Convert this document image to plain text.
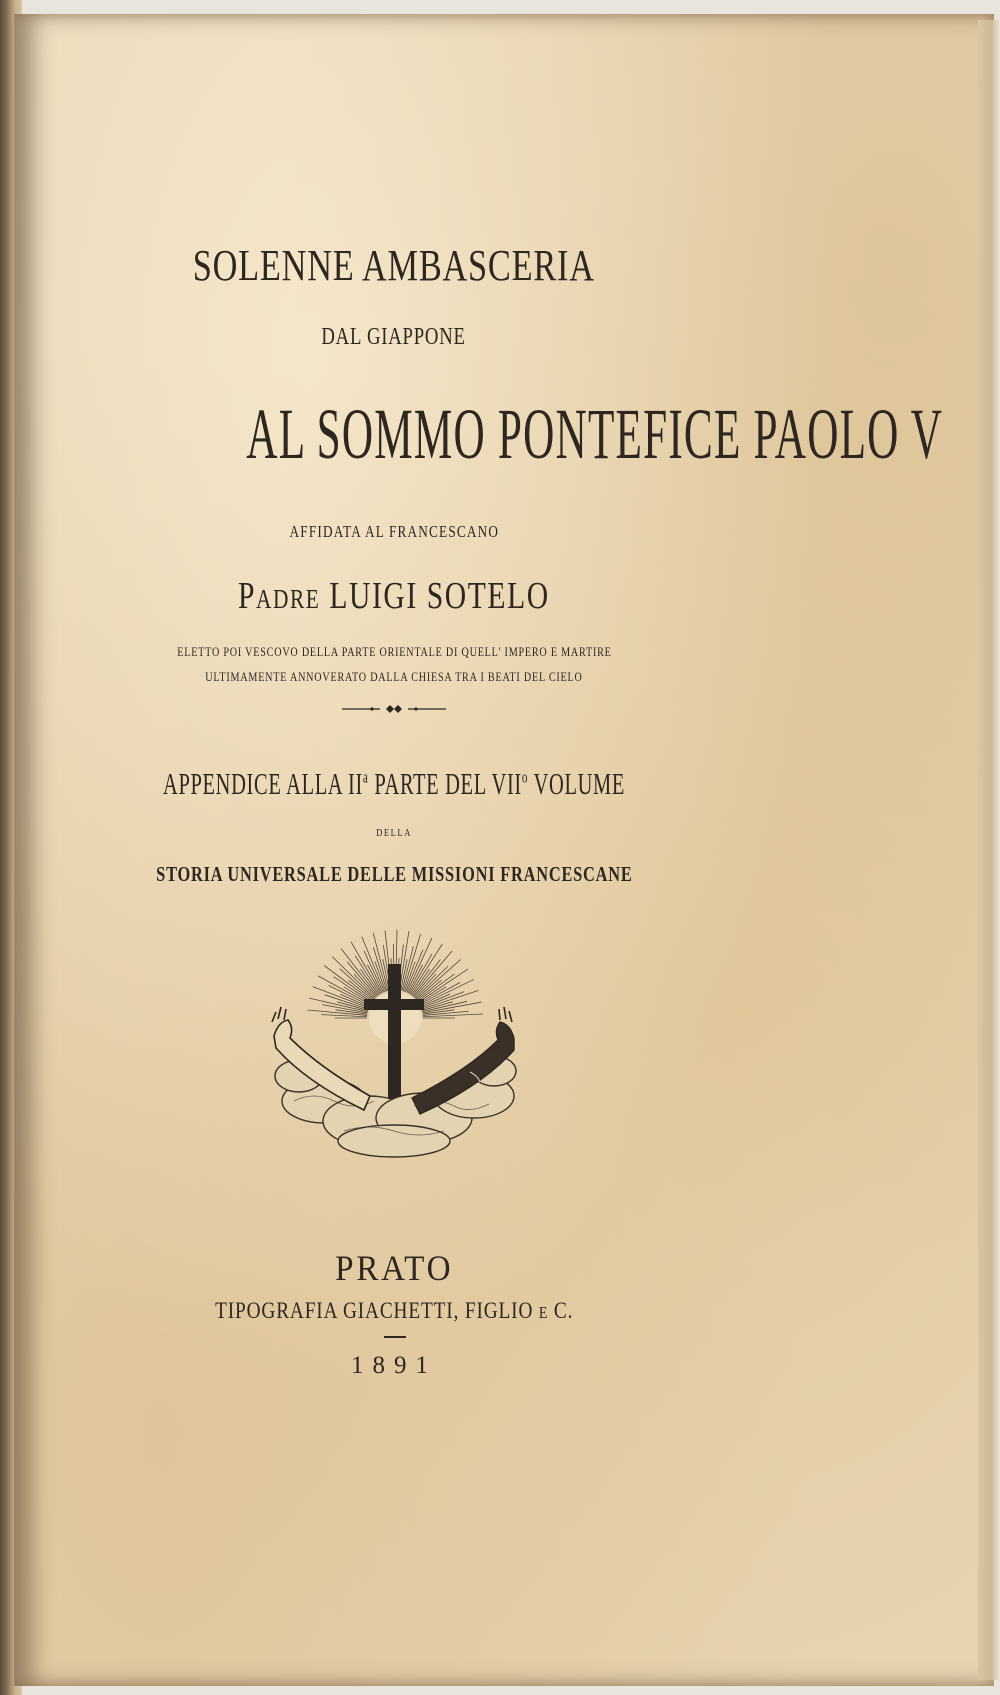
SOLENNE AMBASCERIA
DAL GIAPPONE
AL SOMMO PONTEFICE PAOLO V
AFFIDATA AL FRANCESCANO
PADRE LUIGI SOTELO
ELETTO POI VESCOVO DELLA PARTE ORIENTALE DI QUELL' IMPERO E MARTIRE
ULTIMAMENTE ANNOVERATO DALLA CHIESA TRA I BEATI DEL CIELO
APPENDICE ALLA $II^a$ PARTE DEL VII$^o$ VOLUME
DELLA
STORIA UNIVERSALE DELLE MISSIONI FRANCESCANE
PRATO
TIPOGRAFIA GIACHETTI, FIGLIO E C.
1891
